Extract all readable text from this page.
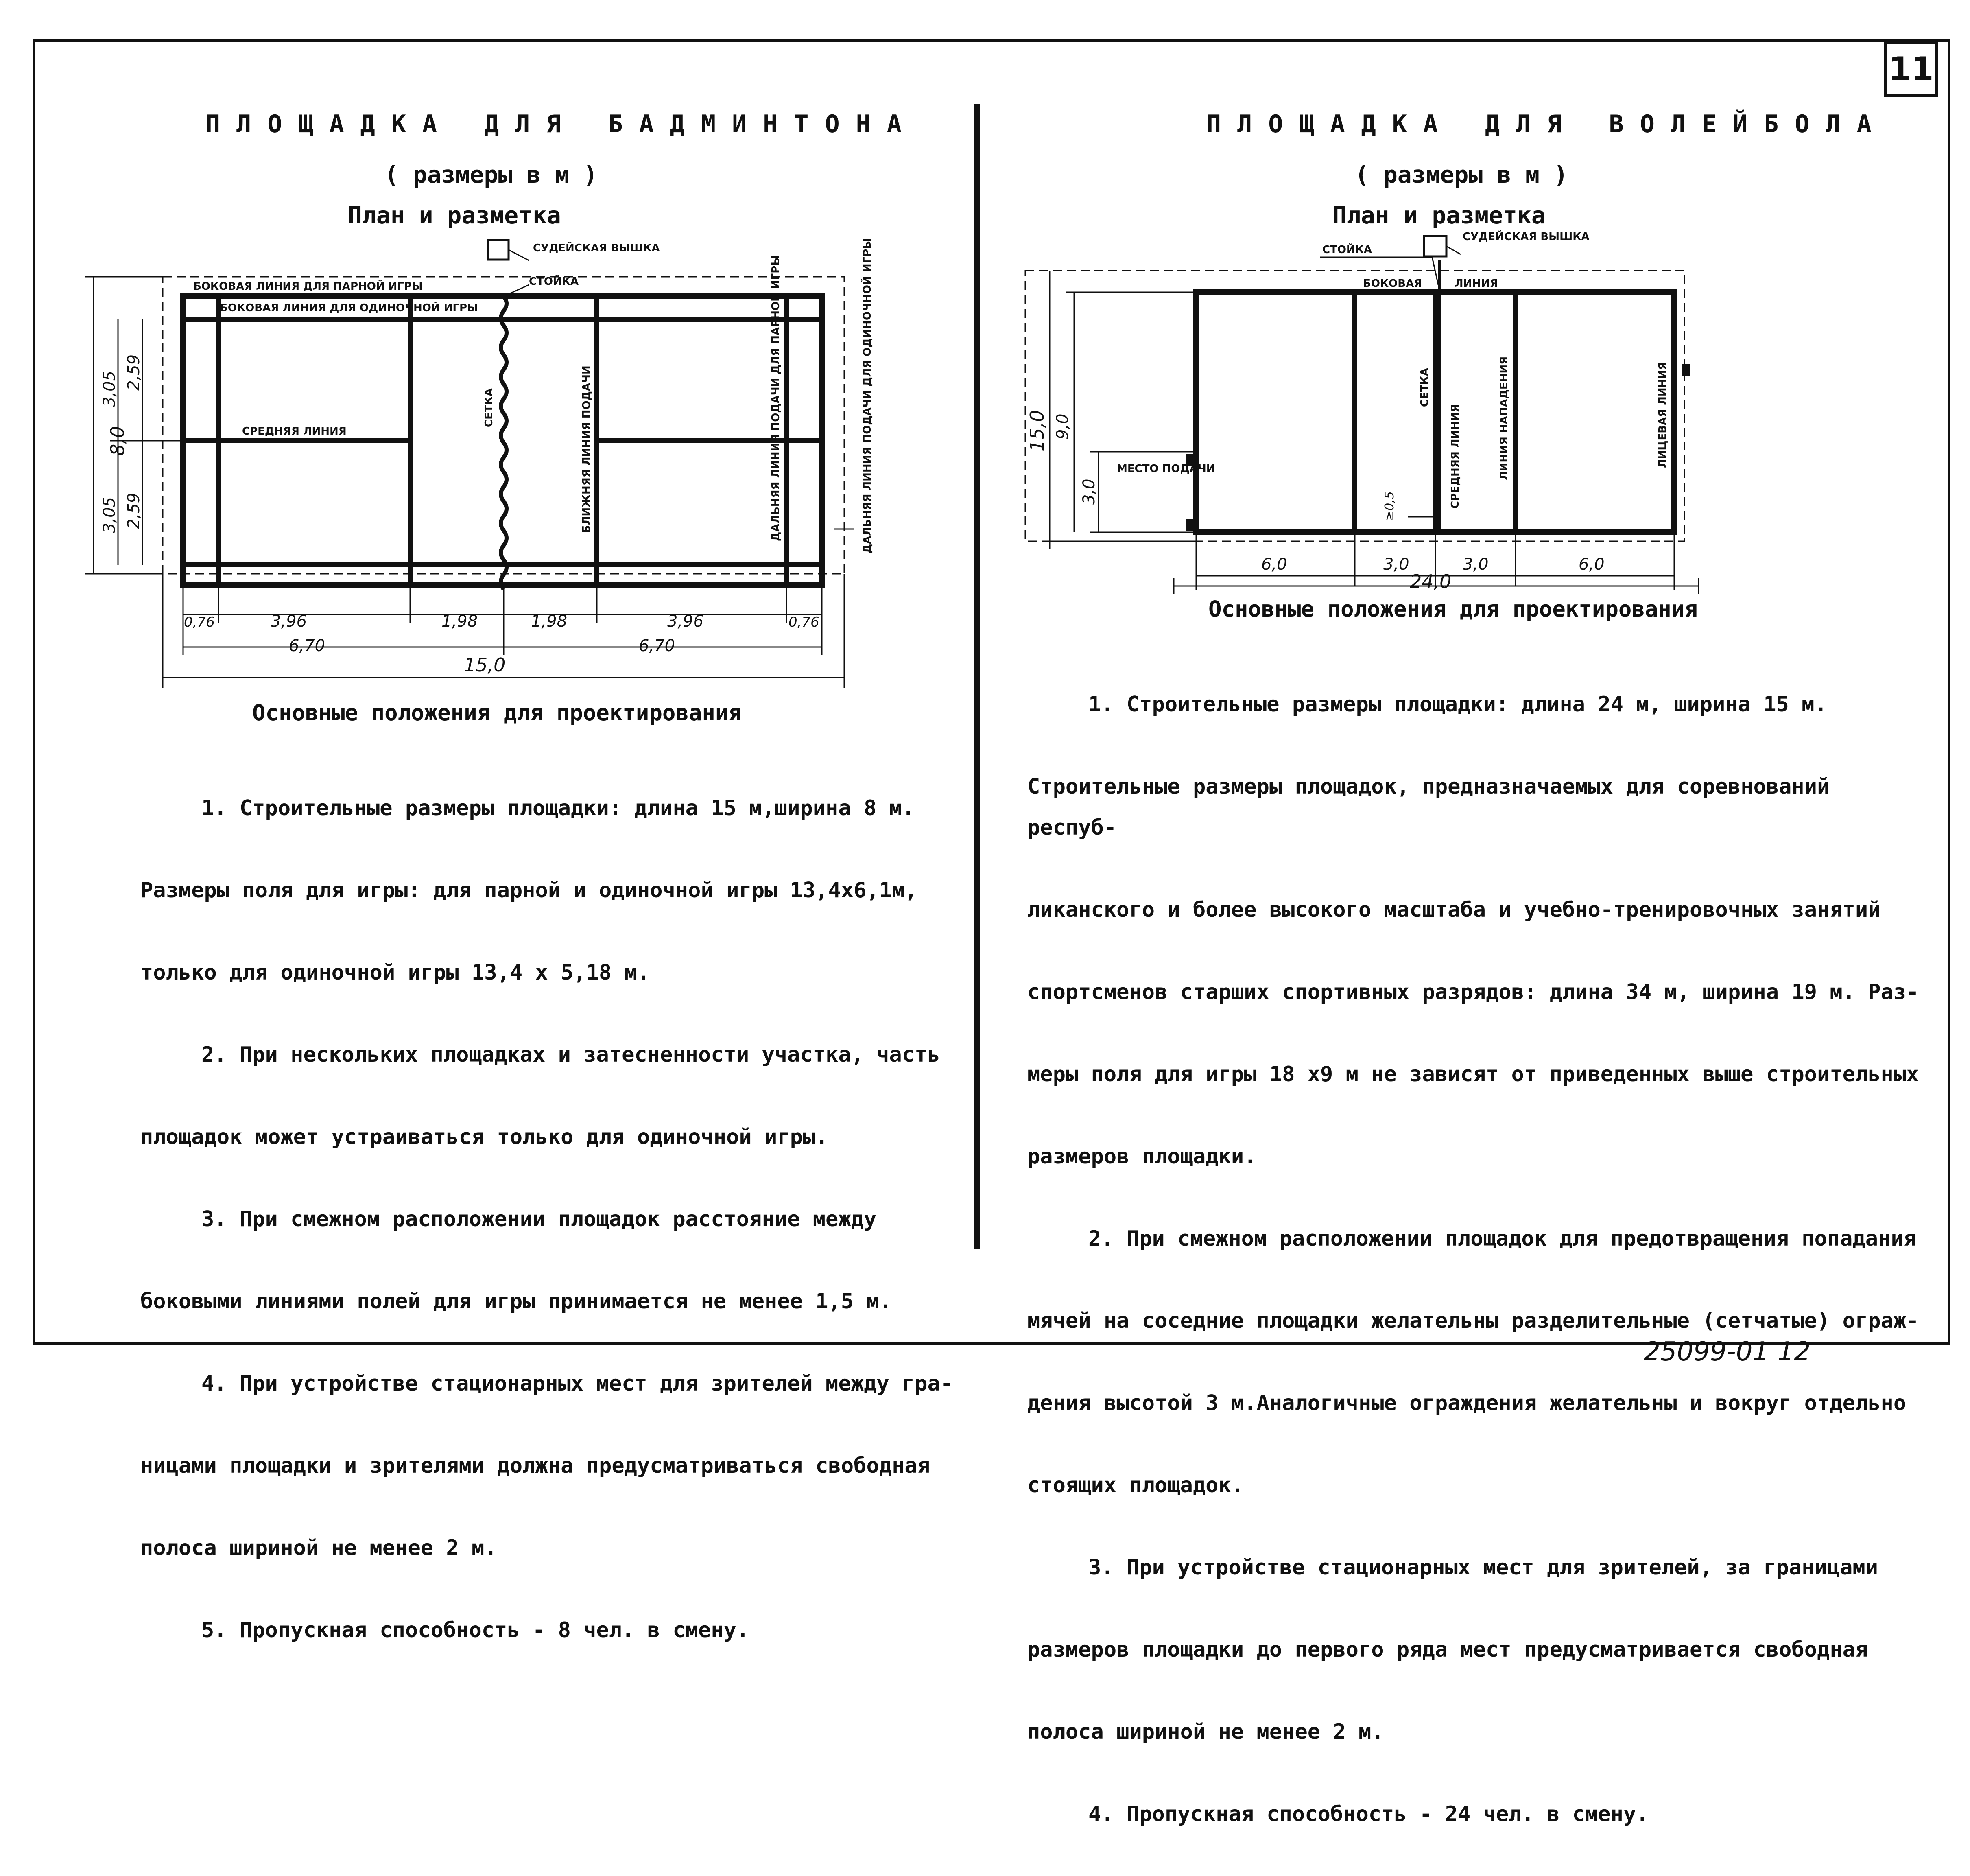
11
ПЛОЩАДКА ДЛЯ БАДМИНТОНА
( размеры в м )
План и разметка
СУДЕЙСКАЯ ВЫШКА
СТОЙКА
БОКОВАЯ ЛИНИЯ ДЛЯ ПАРНОЙ ИГРЫ
БОКОВАЯ ЛИНИЯ ДЛЯ ОДИНОЧНОЙ ИГРЫ
СРЕДНЯЯ ЛИНИЯ
СЕТКА	БЛИЖНЯЯ ЛИНИЯ ПОДАЧИ	ДАЛЬНЯЯ ЛИНИЯ ПОДАЧИ ДЛЯ ПАРНОЙ ИГРЫ	ДАЛЬНЯЯ ЛИНИЯ ПОДАЧИ ДЛЯ ОДИНОЧНОЙ ИГРЫ
8,0
3,05 2,59
3,05 2,59
0,76	3,96	1,98	1,98	3,96	0,76
6,70	6,70
15,0
СУДЕЙСКАЯ ВЫШКА
СТОЙКА
БОКОВАЯ	ЛИНИЯ
СЕТКА
СРЕДНЯЯ ЛИНИЯ	ЛИНИЯ НАПАДЕНИЯ	ЛИЦЕВАЯ ЛИНИЯ
МЕСТО ПОДАЧИ
15,0 9,0
3,0	≥0,5
6,0	3,0	3,0	6,0
24,0
Основные положения для проектирования

1. Строительные размеры площадки: длина 15 м,ширина 8 м.

Размеры поля для игры: для парной и одиночной игры 13,4х6,1м,

только для одиночной игры 13,4 х 5,18 м.

2. При нескольких площадках и затесненности участка, часть

площадок может устраиваться только для одиночной игры.

3. При смежном расположении площадок расстояние между

боковыми линиями полей для игры принимается не менее 1,5 м.

4. При устройстве стационарных мест для зрителей между гра-

ницами площадки и зрителями должна предусматриваться свободная

полоса шириной не менее 2 м.

5. Пропускная способность - 8 чел. в смену.

ПЛОЩАДКА ДЛЯ ВОЛЕЙБОЛА
( размеры в м )
План и разметка
Основные положения для проектирования

1. Строительные размеры площадки: длина 24 м, ширина 15 м.

Строительные размеры площадок, предназначаемых для соревнований респуб-

ликанского и более высокого масштаба и учебно-тренировочных занятий

спортсменов старших спортивных разрядов: длина 34 м, ширина 19 м. Раз-

меры поля для игры 18 х9 м не зависят от приведенных выше строительных

размеров площадки.

2. При смежном расположении площадок для предотвращения попадания

мячей на соседние площадки желательны разделительные (сетчатые) ограж-

дения высотой 3 м.Аналогичные ограждения желательны и вокруг отдельно

стоящих площадок.

3. При устройстве стационарных мест для зрителей, за границами

размеров площадки до первого ряда мест предусматривается свободная

полоса шириной не менее 2 м.

4. Пропускная способность - 24 чел. в смену.

25099-01 12
